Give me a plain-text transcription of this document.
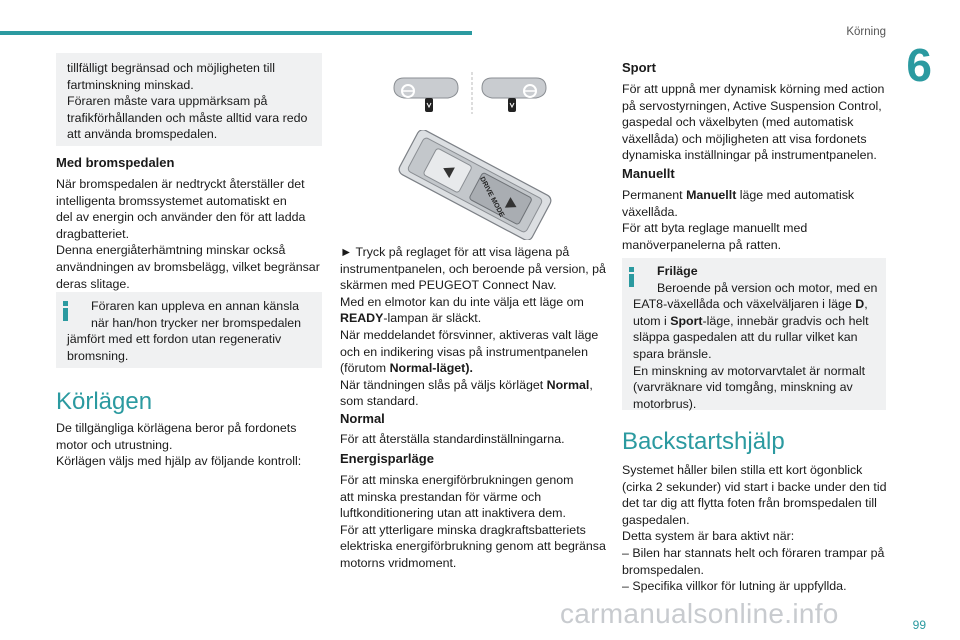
Körning
6
tillfälligt begränsad och möjligheten till
fartminskning minskad.
Föraren måste vara uppmärksam på
trafikförhållanden och måste alltid vara redo
att använda bromspedalen.
Med bromspedalen
När bromspedalen är nedtryckt återställer det
intelligenta bromssystemet automatiskt en
del av energin och använder den för att ladda
dragbatteriet.
Denna energiåterhämtning minskar också
användningen av bromsbelägg, vilket begränsar
deras slitage.
Föraren kan uppleva en annan känsla
när han/hon trycker ner bromspedalen
jämfört med ett fordon utan regenerativ
bromsning.
Körlägen
De tillgängliga körlägena beror på fordonets
motor och utrustning.
Körlägen väljs med hjälp av följande kontroll:
DRIVE MODE
► Tryck på reglaget för att visa lägena på
instrumentpanelen, och beroende på version, på
skärmen med PEUGEOT Connect Nav.
Med en elmotor kan du inte välja ett läge om
READY-lampan är släckt.
När meddelandet försvinner, aktiveras valt läge
och en indikering visas på instrumentpanelen
(förutom Normal-läget).
När tändningen slås på väljs körläget Normal,
som standard.
Normal
För att återställa standardinställningarna.
Energisparläge
För att minska energiförbrukningen genom
att minska prestandan för värme och
luftkonditionering utan att inaktivera dem.
För att ytterligare minska dragkraftsbatteriets
elektriska energiförbrukning genom att begränsa
motorns vridmoment.
Sport
För att uppnå mer dynamisk körning med action
på servostyrningen, Active Suspension Control,
gaspedal och växelbyten (med automatisk
växellåda) och möjligheten att visa fordonets
dynamiska inställningar på instrumentpanelen.
Manuellt
Permanent Manuellt läge med automatisk
växellåda.
För att byta reglage manuellt med
manöverpanelerna på ratten.
Friläge
Beroende på version och motor, med en
EAT8-växellåda och växelväljaren i läge D,
utom i Sport-läge, innebär gradvis och helt
släppa gaspedalen att du rullar vilket kan
spara bränsle.
En minskning av motorvarvtalet är normalt
(varvräknare vid tomgång, minskning av
motorbrus).
Backstartshjälp
Systemet håller bilen stilla ett kort ögonblick
(cirka 2 sekunder) vid start i backe under den tid
det tar dig att flytta foten från bromspedalen till
gaspedalen.
Detta system är bara aktivt när:
– Bilen har stannats helt och föraren trampar på
bromspedalen.
– Specifika villkor för lutning är uppfyllda.
carmanualsonline.info	99
